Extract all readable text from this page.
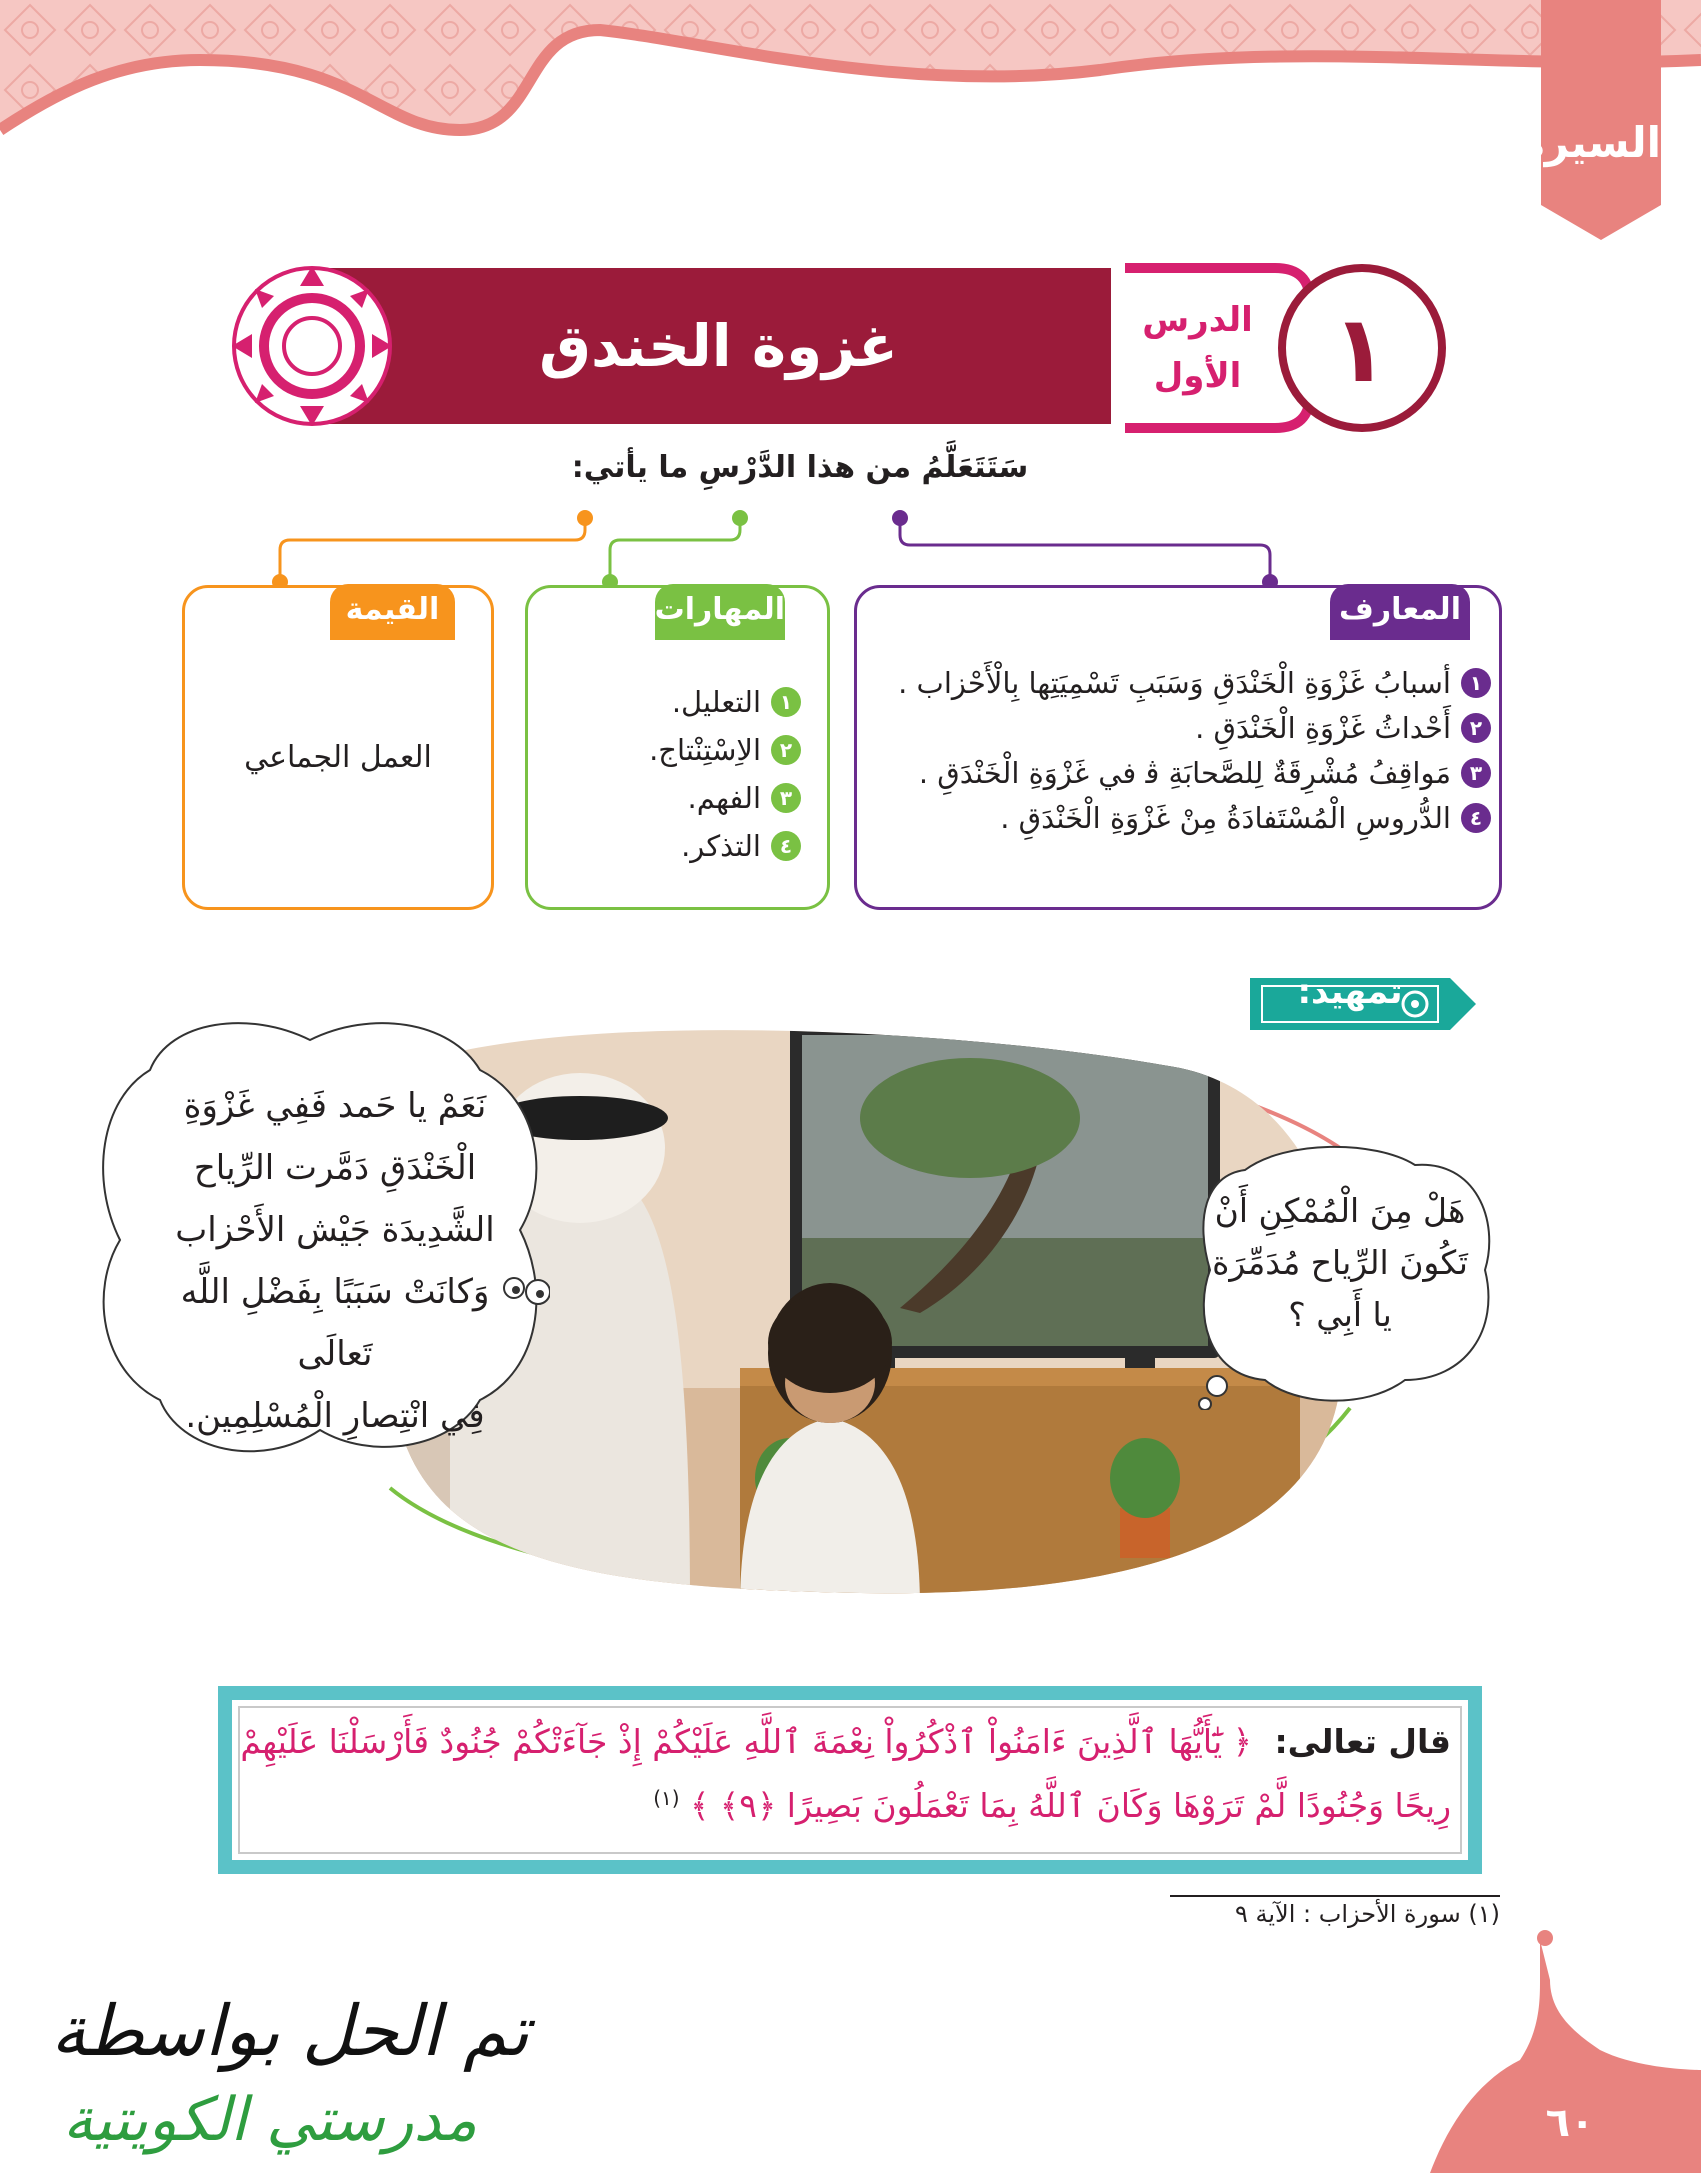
السيرة
غزوة الخندق	١
الدرس
الأول
سَتَتَعَلَّمُ من هذا الدَّرْسِ ما يأتي:
المعارف
١
أسبابُ غَزْوَةِ الْخَنْدَقِ وَسَبَبِ تَسْمِيَتِها بِالْأَحْزاب .
٢
أَحْداثُ غَزْوَةِ الْخَنْدَقِ .
٣
مَواقِفُ مُشْرِقَةٌ لِلصَّحابَةِ ﭬ في غَزْوَةِ الْخَنْدَقِ .
٤
الدُّروسِ الْمُسْتَفادَةُ مِنْ غَزْوَةِ الْخَنْدَقِ .
المهارات
١
التعليل.
٢
الاِسْتِنْتاج.
٣
الفهم.
٤
التذكر.
القيمة
العمل الجماعي
تمهيد:
نَعَمْ يا حَمد فَفِي غَزْوَةِ
الْخَنْدَقِ دَمَّرت الرِّياح
الشَّدِيدَة جَيْش الأَحْزاب
وَكانَتْ سَبَبًا بِفَضْلِ اللَّه تَعالَى
فِي انْتِصارِ الْمُسْلِمِين.
هَلْ مِنَ الْمُمْكِنِ أَنْ
تَكُونَ الرِّياح مُدَمِّرَة
يا أَبِي ؟
قال تعالى: ﴿ يَٰٓأَيُّهَا ٱلَّذِينَ ءَامَنُواْ ٱذْكُرُواْ نِعْمَةَ ٱللَّهِ عَلَيْكُمْ إِذْ جَآءَتْكُمْ جُنُودٌ فَأَرْسَلْنَا عَلَيْهِمْ
رِيحًا وَجُنُودًا لَّمْ تَرَوْهَا وَكَانَ ٱللَّهُ بِمَا تَعْمَلُونَ بَصِيرًا ﴿٩﴾ ﴾ $^{(١)}$
(١) سورة الأحزاب : الآية ٩
٦٠
تم الحل بواسطة
مدرستي الكويتية
